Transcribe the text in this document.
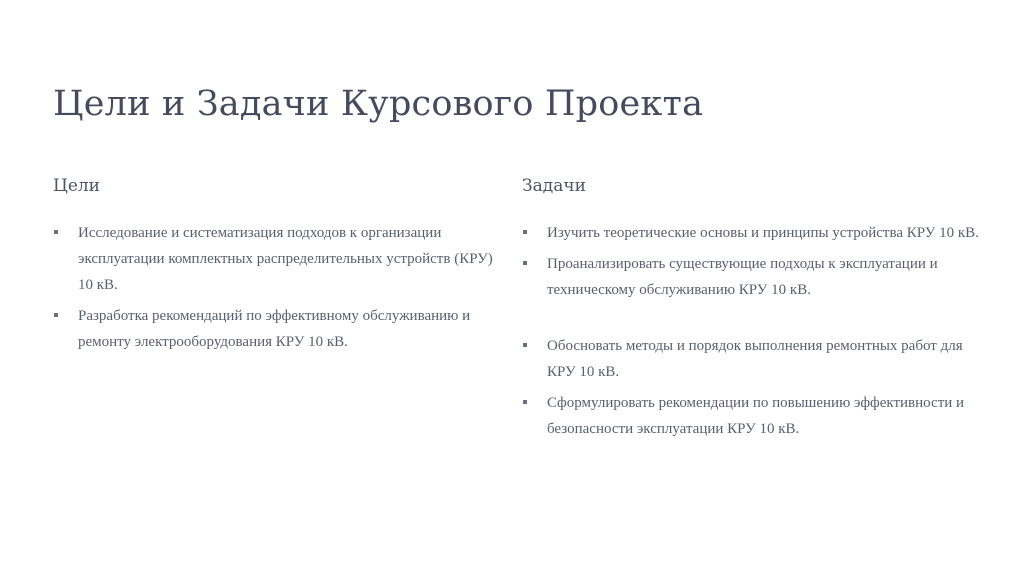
Цели и Задачи Курсового Проекта
Цели
Исследование и систематизация подходов к организации эксплуатации комплектных распределительных устройств (КРУ) 10 кВ.
Разработка рекомендаций по эффективному обслуживанию и ремонту электрооборудования КРУ 10 кВ.
Задачи
Изучить теоретические основы и принципы устройства КРУ 10 кВ.
Проанализировать существующие подходы к эксплуатации и техническому обслуживанию КРУ 10 кВ.
Обосновать методы и порядок выполнения ремонтных работ для КРУ 10 кВ.
Сформулировать рекомендации по повышению эффективности и безопасности эксплуатации КРУ 10 кВ.
